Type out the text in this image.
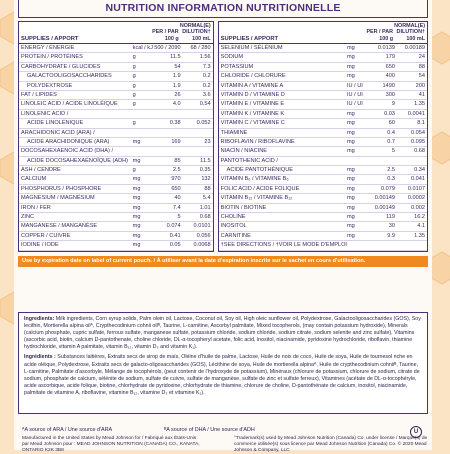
NUTRITION INFORMATION NUTRITIONNELLE
SUPPLIES / APPORT
PER / PAR
100 g
NORMAL(E)
DILUTION†
100 mL
ENERGY / ÉNERGIE	kcal / kJ 500 / 2090	68 / 280
PROTEIN / PROTÉINES	g	11.5	1.56
CARBOHYDRATE / GLUCIDES	g	54	7.3
GALACTOOLIGOSACCHARIDES	g	1.9	0.2
POLYDEXTROSE	g	1.9	0.2
FAT / LIPIDES	g	26	3.6
LINOLEIC ACID / ACIDE LINOLÉIQUE	g	4.0	0.54
LINOLENIC ACID /
ACIDE LINOLÉNIQUE	g	0.38	0.052
ARACHIDONIC ACID (ARA) /
ACIDE ARACHIDONIQUE (ARA)	mg	169	23
DOCOSAHEXAENOIC ACID (DHA) /
ACIDE DOCOSAHEXAÉNOÏQUE (ADH) mg	85	11.5
ASH / CENDRE	g	2.5	0.35
CALCIUM	mg	970	132
PHOSPHORUS / PHOSPHORE	mg	650	88
MAGNESIUM / MAGNÉSIUM	mg	40	5.4
IRON / FER	mg	7.4	1.01
ZINC	mg	5	0.68
MANGANESE / MANGANÈSE	mg	0.074	0.0101
COPPER / CUIVRE	mg	0.41	0.056
IODINE / IODE	mg	0.05	0.0068
SUPPLIES / APPORT
PER / PAR
100 g
NORMAL(E)
DILUTION†
100 mL
SELENIUM / SÉLÉNIUM	mg	0.0139	0.00189
SODIUM	mg	179	24
POTASSIUM	mg	650	88
CHLORIDE / CHLORURE	mg	400	54
VITAMIN A / VITAMINE A	IU / UI	1490	200
VITAMIN D / VITAMINE D	IU / UI	300	41
VITAMIN E / VITAMINE E	IU / UI	9	1.35
VITAMIN K / VITAMINE K	mg	0.03	0.0041
VITAMIN C / VITAMINE C	mg	60	8.1
THIAMINE	mg	0.4	0.054
RIBOFLAVIN / RIBOFLAVINE	mg	0.7	0.095
NIACIN / NIACINE	mg	5	0.68
PANTOTHENIC ACID /
ACIDE PANTOTHÉNIQUE	mg	2.5	0.34
VITAMIN B₆ / VITAMINE B₆	mg	0.3	0.041
FOLIC ACID / ACIDE FOLIQUE	mg	0.079	0.0107
VITAMIN B₁₂ / VITAMINE B₁₂	mg	0.00149	0.0002
BIOTIN / BIOTINE	mg	0.00149	0.002
CHOLINE	mg	119	16.2
INOSITOL	mg	30	4.1
CARNITINE	mg	9.9	1.35
†SEE DIRECTIONS / †VOIR LE MODE D'EMPLOI
Use by expiration date on label of current pouch. / À utiliser avant la date d'expiration inscrite sur le sachet en cours d'utilisation.

Ingredients: Milk ingredients, Corn syrup solids, Palm olein oil, Lactose, Coconut oil, Soy oil, High oleic sunflower oil, Polydextrose, Galactooligosaccharides (GOS), Soy lecithin, Mortierella alpina oilᴬ, Crypthecodinium cohnii oilᴮ, Taurine, L-carnitine, Ascorbyl palmitate, Mixed tocopherols, (may contain potassium hydroxide), Minerals (calcium phosphate, cupric sulfate, ferrous sulfate, manganese sulfate, potassium chloride, sodium chloride, sodium citrate, sodium selenite and zinc sulfate), Vitamins (ascorbic acid, biotin, calcium D-pantothenate, choline chloride, DL-α-tocopheryl acetate, folic acid, inositol, niacinamide, pyridoxine hydrochloride, riboflavin, thiamine hydrochloride, vitamin A palmitate, vitamin B₁₂, vitamin D₃ and vitamin K₁).

Ingrédients : Substances laitières, Extraits secs de sirop de maïs, Oléine d'huile de palme, Lactose, Huile de noix de coco, Huile de soya, Huile de tournesol riche en acide oléique, Polydextrose, Extraits secs de galacto-oligosaccharides (GOS), Lécithine de soya, Huile de mortierella alpinaᴬ, Huile de crypthecodinium cohniiᴮ, Taurine, L-carnitine, Palmitate d'ascorbyle, Mélange de tocophérols, (peut contenir de l'hydroxyde de potassium), Minéraux (chlorure de potassium, chlorure de sodium, citrate de sodium, phosphate de calcium, sélénite de sodium, sulfate de cuivre, sulfate de manganèse, sulfate de zinc et sulfate ferreux), Vitamines (acétate de DL-α-tocophéryle, acide ascorbique, acide folique, biotine, chlorhydrate de pyridoxine, chlorhydrate de thiamine, chlorure de choline, D-pantothénate de calcium, inositol, niacinamide, palmitate de vitamine A, riboflavine, vitamine B₁₂, vitamine D₃ et vitamine K₁).

ᴬA source of ARA / Une source d'ARA	ᴮA source of DHA / Une source d'ADH	U
Manufactured in the United States by Mead Johnson for / Fabriqué aux États-Unis par Mead Johnson pour : MEAD JOHNSON NUTRITION (CANADA) CO., KANATA, ONTARIO K2K 3B8
°Trademark(s) used by Mead Johnson Nutrition (Canada) Co. under license / Marque(s) de commerce utilisée(s) sous licence par Mead Johnson Nutrition (Canada) Co. © 2020 Mead Johnson & Company, LLC
